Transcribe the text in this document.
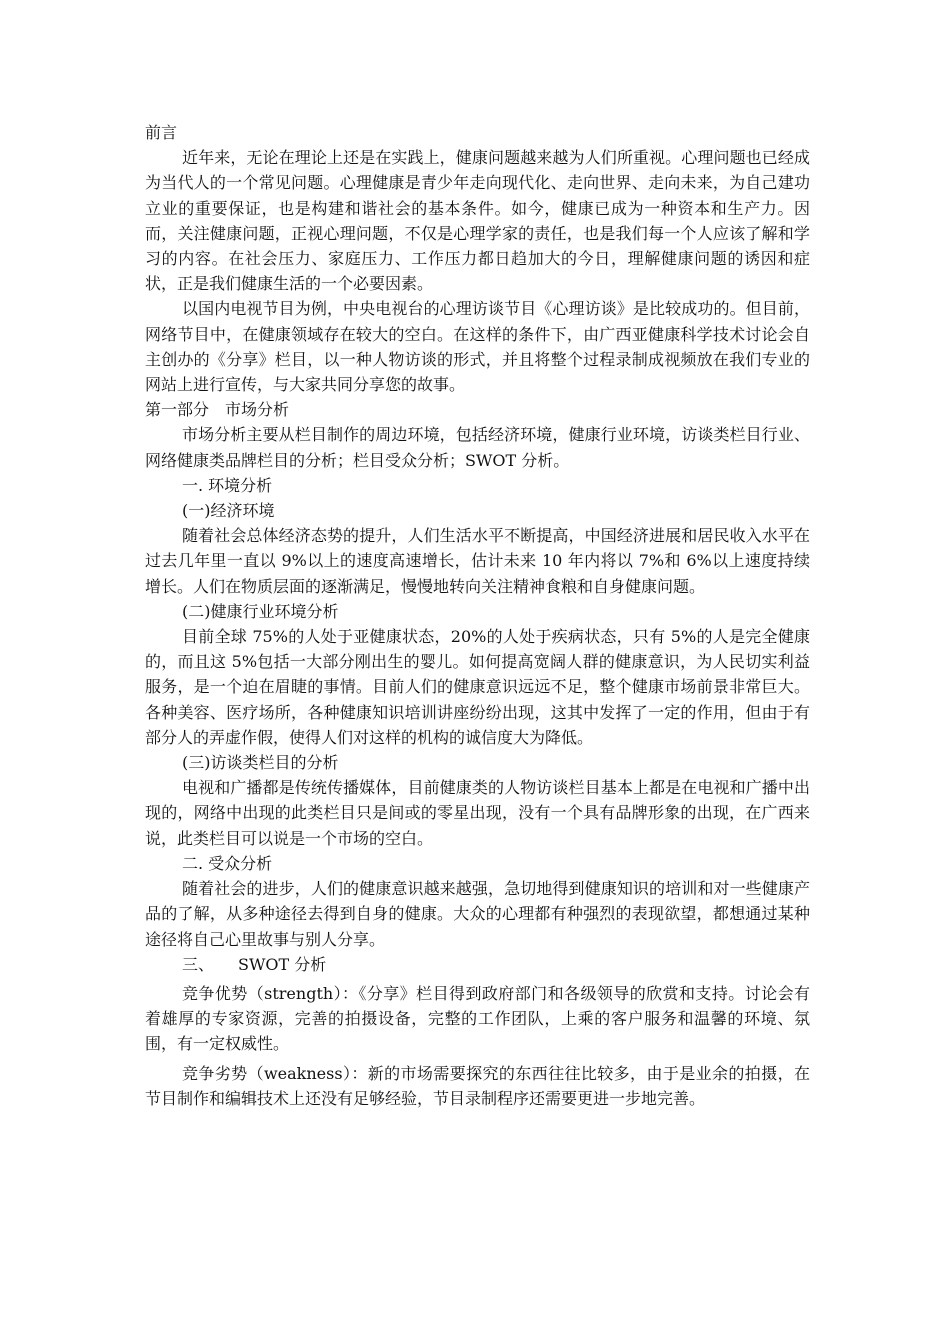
前言

近年来，无论在理论上还是在实践上，健康问题越来越为人们所重视。心理问题也已经成为当代人的一个常见问题。心理健康是青少年走向现代化、走向世界、走向未来，为自己建功立业的重要保证，也是构建和谐社会的基本条件。如今，健康已成为一种资本和生产力。因而，关注健康问题，正视心理问题，不仅是心理学家的责任，也是我们每一个人应该了解和学习的内容。在社会压力、家庭压力、工作压力都日趋加大的今日，理解健康问题的诱因和症状，正是我们健康生活的一个必要因素。

以国内电视节目为例，中央电视台的心理访谈节目《心理访谈》是比较成功的。但目前，网络节目中，在健康领域存在较大的空白。在这样的条件下，由广西亚健康科学技术讨论会自主创办的《分享》栏目，以一种人物访谈的形式，并且将整个过程录制成视频放在我们专业的网站上进行宣传，与大家共同分享您的故事。

第一部分　市场分析

市场分析主要从栏目制作的周边环境，包括经济环境，健康行业环境，访谈类栏目行业、网络健康类品牌栏目的分析；栏目受众分析；SWOT 分析。

一. 环境分析

(一)经济环境

随着社会总体经济态势的提升，人们生活水平不断提高，中国经济进展和居民收入水平在过去几年里一直以 9%以上的速度高速增长，估计未来 10 年内将以 7%和 6%以上速度持续增长。人们在物质层面的逐渐满足，慢慢地转向关注精神食粮和自身健康问题。

(二)健康行业环境分析

目前全球 75%的人处于亚健康状态，20%的人处于疾病状态，只有 5%的人是完全健康的，而且这 5%包括一大部分刚出生的婴儿。如何提高宽阔人群的健康意识，为人民切实利益服务，是一个迫在眉睫的事情。目前人们的健康意识远远不足，整个健康市场前景非常巨大。各种美容、医疗场所，各种健康知识培训讲座纷纷出现，这其中发挥了一定的作用，但由于有部分人的弄虚作假，使得人们对这样的机构的诚信度大为降低。

(三)访谈类栏目的分析

电视和广播都是传统传播媒体，目前健康类的人物访谈栏目基本上都是在电视和广播中出现的，网络中出现的此类栏目只是间或的零星出现，没有一个具有品牌形象的出现，在广西来说，此类栏目可以说是一个市场的空白。

二. 受众分析

随着社会的进步，人们的健康意识越来越强，急切地得到健康知识的培训和对一些健康产品的了解，从多种途径去得到自身的健康。大众的心理都有种强烈的表现欲望，都想通过某种途径将自己心里故事与别人分享。

三、　　SWOT 分析

竞争优势（strength）：《分享》栏目得到政府部门和各级领导的欣赏和支持。讨论会有着雄厚的专家资源，完善的拍摄设备，完整的工作团队，上乘的客户服务和温馨的环境、氛围，有一定权威性。

竞争劣势（weakness）：新的市场需要探究的东西往往比较多，由于是业余的拍摄，在节目制作和编辑技术上还没有足够经验，节目录制程序还需要更进一步地完善。
